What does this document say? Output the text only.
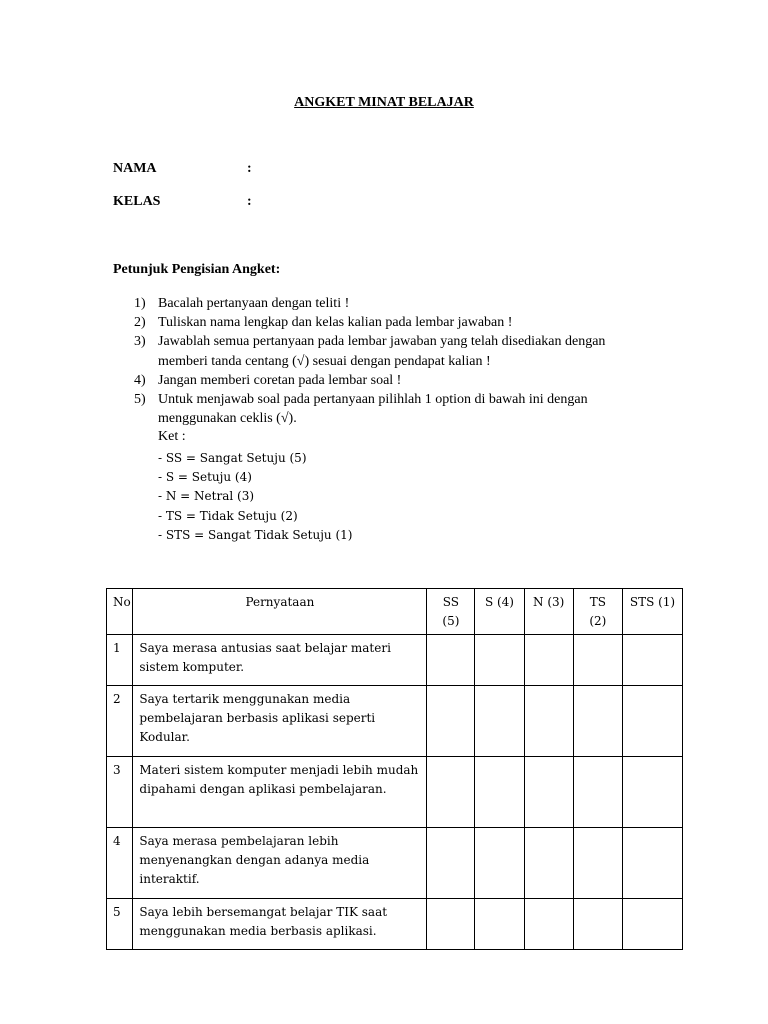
ANGKET MINAT BELAJAR
NAMA	:
KELAS	:
Petunjuk Pengisian Angket:
1) Bacalah pertanyaan dengan teliti !
2) Tuliskan nama lengkap dan kelas kalian pada lembar jawaban !
3) Jawablah semua pertanyaan pada lembar jawaban yang telah disediakan dengan memberi tanda centang (√) sesuai dengan pendapat kalian !
4) Jangan memberi coretan pada lembar soal !
5) Untuk menjawab soal pada pertanyaan pilihlah 1 option di bawah ini dengan menggunakan ceklis (√).
Ket :
- SS = Sangat Setuju (5)
- S = Setuju (4)
- N = Netral (3)
- TS = Tidak Setuju (2)
- STS = Sangat Tidak Setuju (1)
No	Pernyataan	SS (5)	S (4)	N (3)	TS (2)	STS (1)
1	Saya merasa antusias saat belajar materi sistem komputer.					
2	Saya tertarik menggunakan media pembelajaran berbasis aplikasi seperti Kodular.					
3	Materi sistem komputer menjadi lebih mudah dipahami dengan aplikasi pembelajaran.					
4	Saya merasa pembelajaran lebih menyenangkan dengan adanya media interaktif.					
5	Saya lebih bersemangat belajar TIK saat menggunakan media berbasis aplikasi.					
